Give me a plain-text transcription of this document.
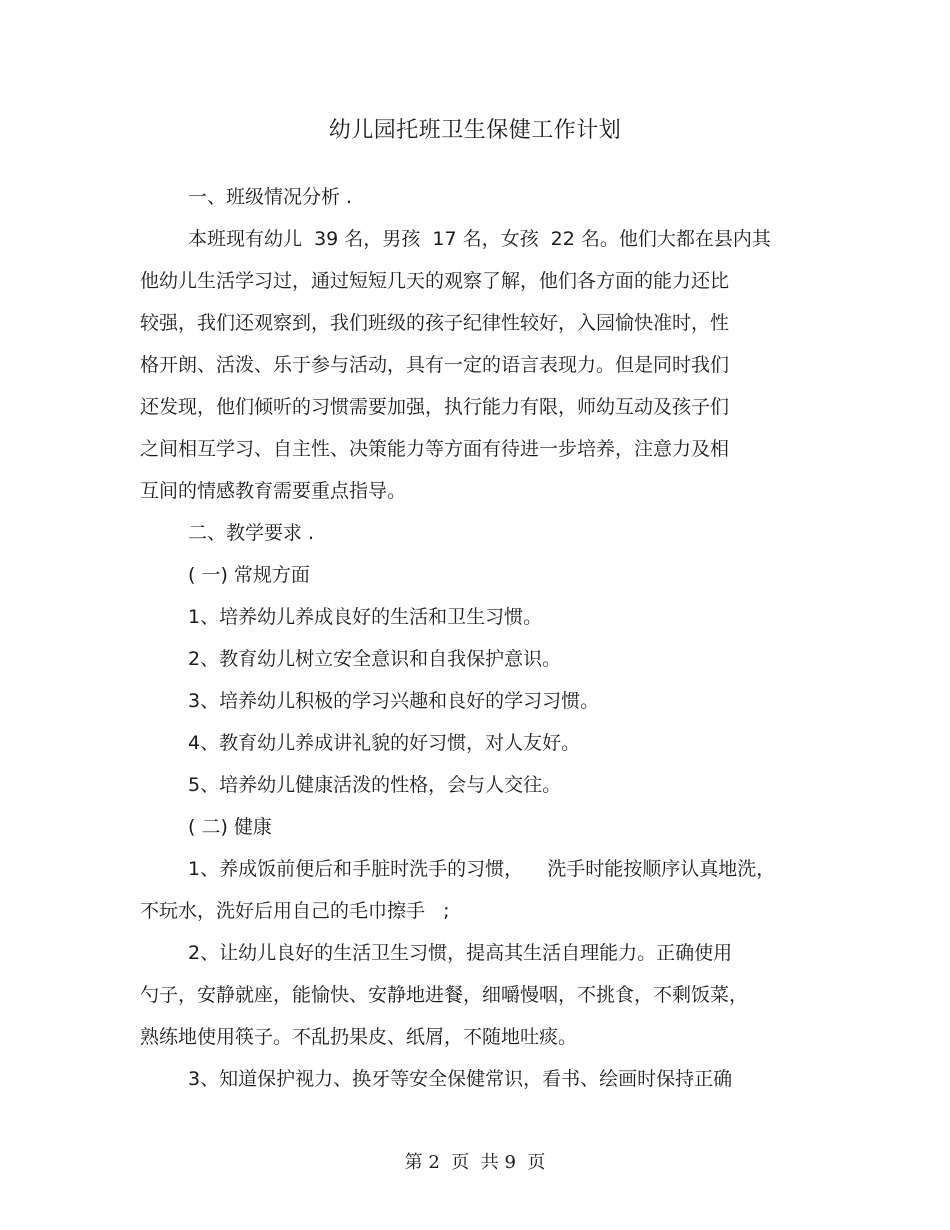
幼儿园托班卫生保健工作计划
一、班级情况分析 .
本班现有幼儿  39 名，男孩  17 名，女孩  22 名。他们大都在县内其
他幼儿生活学习过，通过短短几天的观察了解，他们各方面的能力还比
较强，我们还观察到，我们班级的孩子纪律性较好，入园愉快准时，性
格开朗、活泼、乐于参与活动，具有一定的语言表现力。但是同时我们
还发现，他们倾听的习惯需要加强，执行能力有限，师幼互动及孩子们
之间相互学习、自主性、决策能力等方面有待进一步培养，注意力及相
互间的情感教育需要重点指导。
二、教学要求 .
( 一) 常规方面
1、培养幼儿养成良好的生活和卫生习惯。
2、教育幼儿树立安全意识和自我保护意识。
3、培养幼儿积极的学习兴趣和良好的学习习惯。
4、教育幼儿养成讲礼貌的好习惯，对人友好。
5、培养幼儿健康活泼的性格，会与人交往。
( 二) 健康
1、养成饭前便后和手脏时洗手的习惯，    洗手时能按顺序认真地洗，
不玩水，洗好后用自己的毛巾擦手   ;
2、让幼儿良好的生活卫生习惯，提高其生活自理能力。正确使用
勺子，安静就座，能愉快、安静地进餐，细嚼慢咽，不挑食，不剩饭菜，
熟练地使用筷子。不乱扔果皮、纸屑，不随地吐痰。
3、知道保护视力、换牙等安全保健常识，看书、绘画时保持正确
第 2  页  共 9  页
